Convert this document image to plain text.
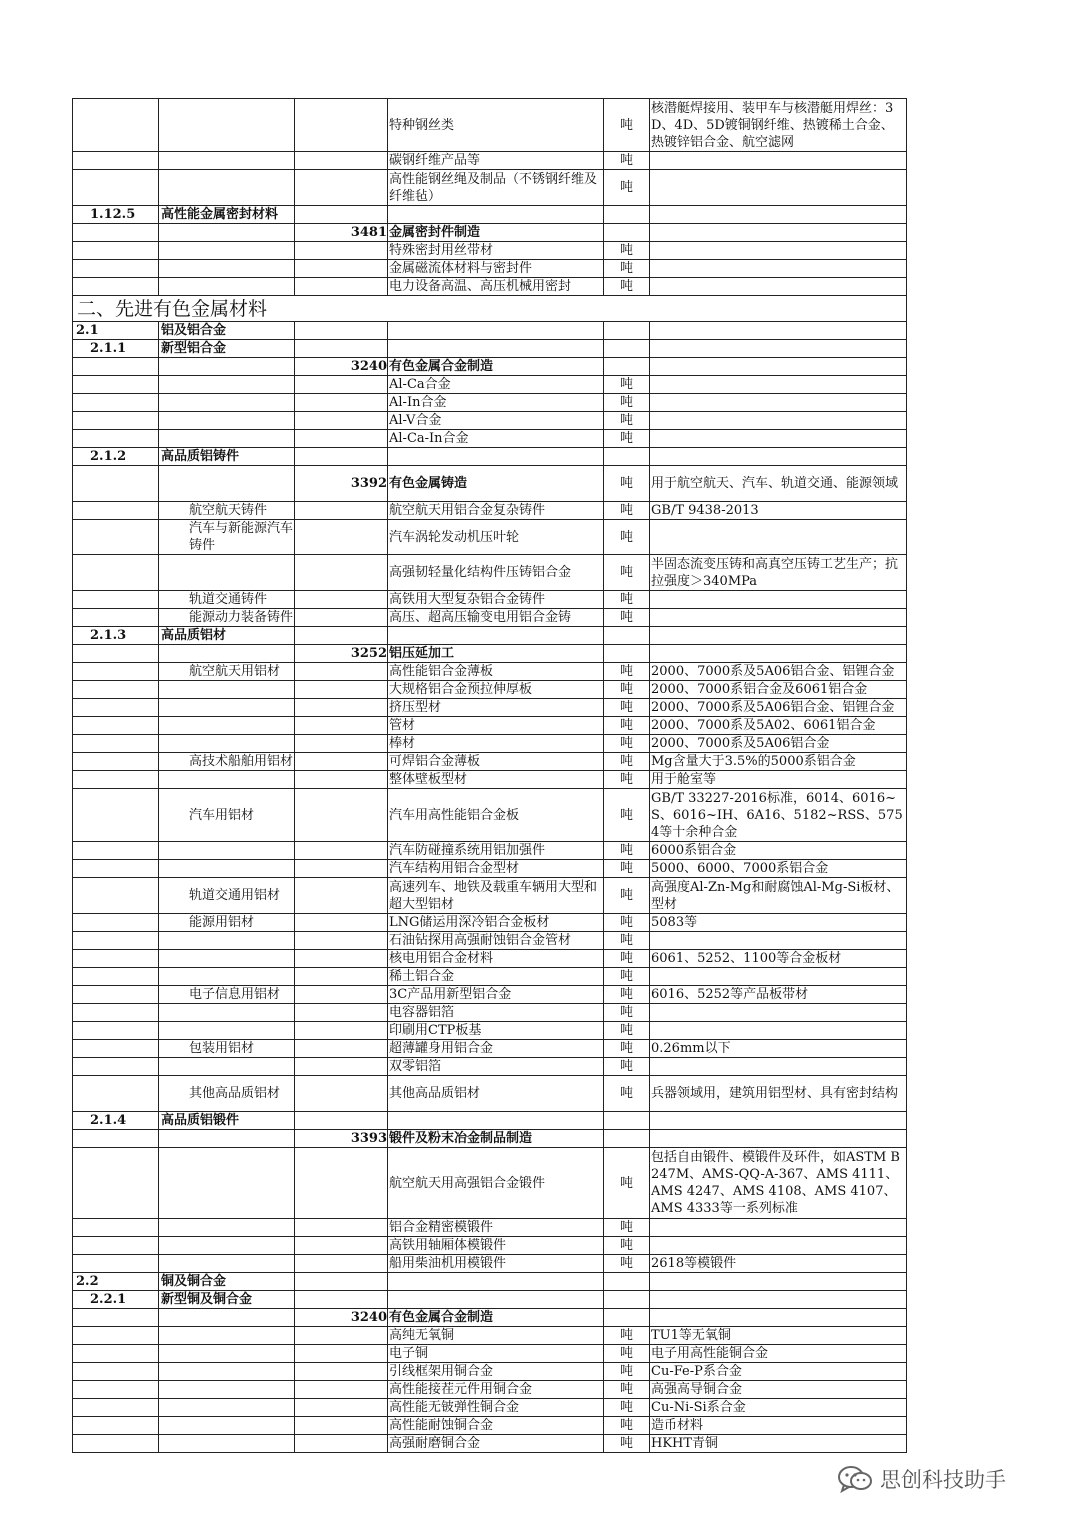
			特种钢丝类	吨	核潜艇焊接用、装甲车与核潜艇用焊丝：3D、4D、5D镀铜钢纤维、热镀稀土合金、热镀锌铝合金、航空滤网
			碳钢纤维产品等	吨	
			高性能钢丝绳及制品（不锈钢纤维及纤维毡）	吨	
1.12.5	高性能金属密封材料				
		3481	金属密封件制造		
			特殊密封用丝带材	吨	
			金属磁流体材料与密封件	吨	
			电力设备高温、高压机械用密封	吨	
二、先进有色金属材料					
2.1	铝及铝合金				
2.1.1	新型铝合金				
		3240	有色金属合金制造		
			Al-Ca合金	吨	
			Al-In合金	吨	
			Al-V合金	吨	
			Al-Ca-In合金	吨	
2.1.2	高品质铝铸件				
		3392	有色金属铸造	吨	用于航空航天、汽车、轨道交通、能源领域
	航空航天铸件		航空航天用铝合金复杂铸件	吨	GB/T 9438-2013
	汽车与新能源汽车铸件		汽车涡轮发动机压叶轮	吨	
			高强韧轻量化结构件压铸铝合金	吨	半固态流变压铸和高真空压铸工艺生产；抗拉强度＞340MPa
	轨道交通铸件		高铁用大型复杂铝合金铸件	吨	
	能源动力装备铸件		高压、超高压输变电用铝合金铸	吨	
2.1.3	高品质铝材				
		3252	铝压延加工		
	航空航天用铝材		高性能铝合金薄板	吨	2000、7000系及5A06铝合金、铝锂合金
			大规格铝合金预拉伸厚板	吨	2000、7000系铝合金及6061铝合金
			挤压型材	吨	2000、7000系及5A06铝合金、铝锂合金
			管材	吨	2000、7000系及5A02、6061铝合金
			棒材	吨	2000、7000系及5A06铝合金
	高技术船舶用铝材		可焊铝合金薄板	吨	Mg含量大于3.5%的5000系铝合金
			整体壁板型材	吨	用于舱室等
	汽车用铝材		汽车用高性能铝合金板	吨	GB/T 33227-2016标准，6014、6016~S、6016~IH、6A16、5182~RSS、5754等十余种合金
			汽车防碰撞系统用铝加强件	吨	6000系铝合金
			汽车结构用铝合金型材	吨	5000、6000、7000系铝合金
	轨道交通用铝材		高速列车、地铁及载重车辆用大型和超大型铝材	吨	高强度Al-Zn-Mg和耐腐蚀Al-Mg-Si板材、型材
	能源用铝材		LNG储运用深冷铝合金板材	吨	5083等
			石油钻探用高强耐蚀铝合金管材	吨	
			核电用铝合金材料	吨	6061、5252、1100等合金板材
			稀土铝合金	吨	
	电子信息用铝材		3C产品用新型铝合金	吨	6016、5252等产品板带材
			电容器铝箔	吨	
			印刷用CTP板基	吨	
	包装用铝材		超薄罐身用铝合金	吨	0.26mm以下
			双零铝箔	吨	
	其他高品质铝材		其他高品质铝材	吨	兵器领域用，建筑用铝型材、具有密封结构
2.1.4	高品质铝锻件				
		3393	锻件及粉末冶金制品制造		
			航空航天用高强铝合金锻件	吨	包括自由锻件、模锻件及环件，如ASTM B247M、AMS-QQ-A-367、AMS 4111、AMS 4247、AMS 4108、AMS 4107、AMS 4333等一系列标准
			铝合金精密模锻件	吨	
			高铁用轴厢体模锻件	吨	
			船用柴油机用模锻件	吨	2618等模锻件
2.2	铜及铜合金				
2.2.1	新型铜及铜合金				
		3240	有色金属合金制造		
			高纯无氧铜	吨	TU1等无氧铜
			电子铜	吨	电子用高性能铜合金
			引线框架用铜合金	吨	Cu-Fe-P系合金
			高性能接茬元件用铜合金	吨	高强高导铜合金
			高性能无铍弹性铜合金	吨	Cu-Ni-Si系合金
			高性能耐蚀铜合金	吨	造币材料
			高强耐磨铜合金	吨	HKHT青铜
思创科技助手
